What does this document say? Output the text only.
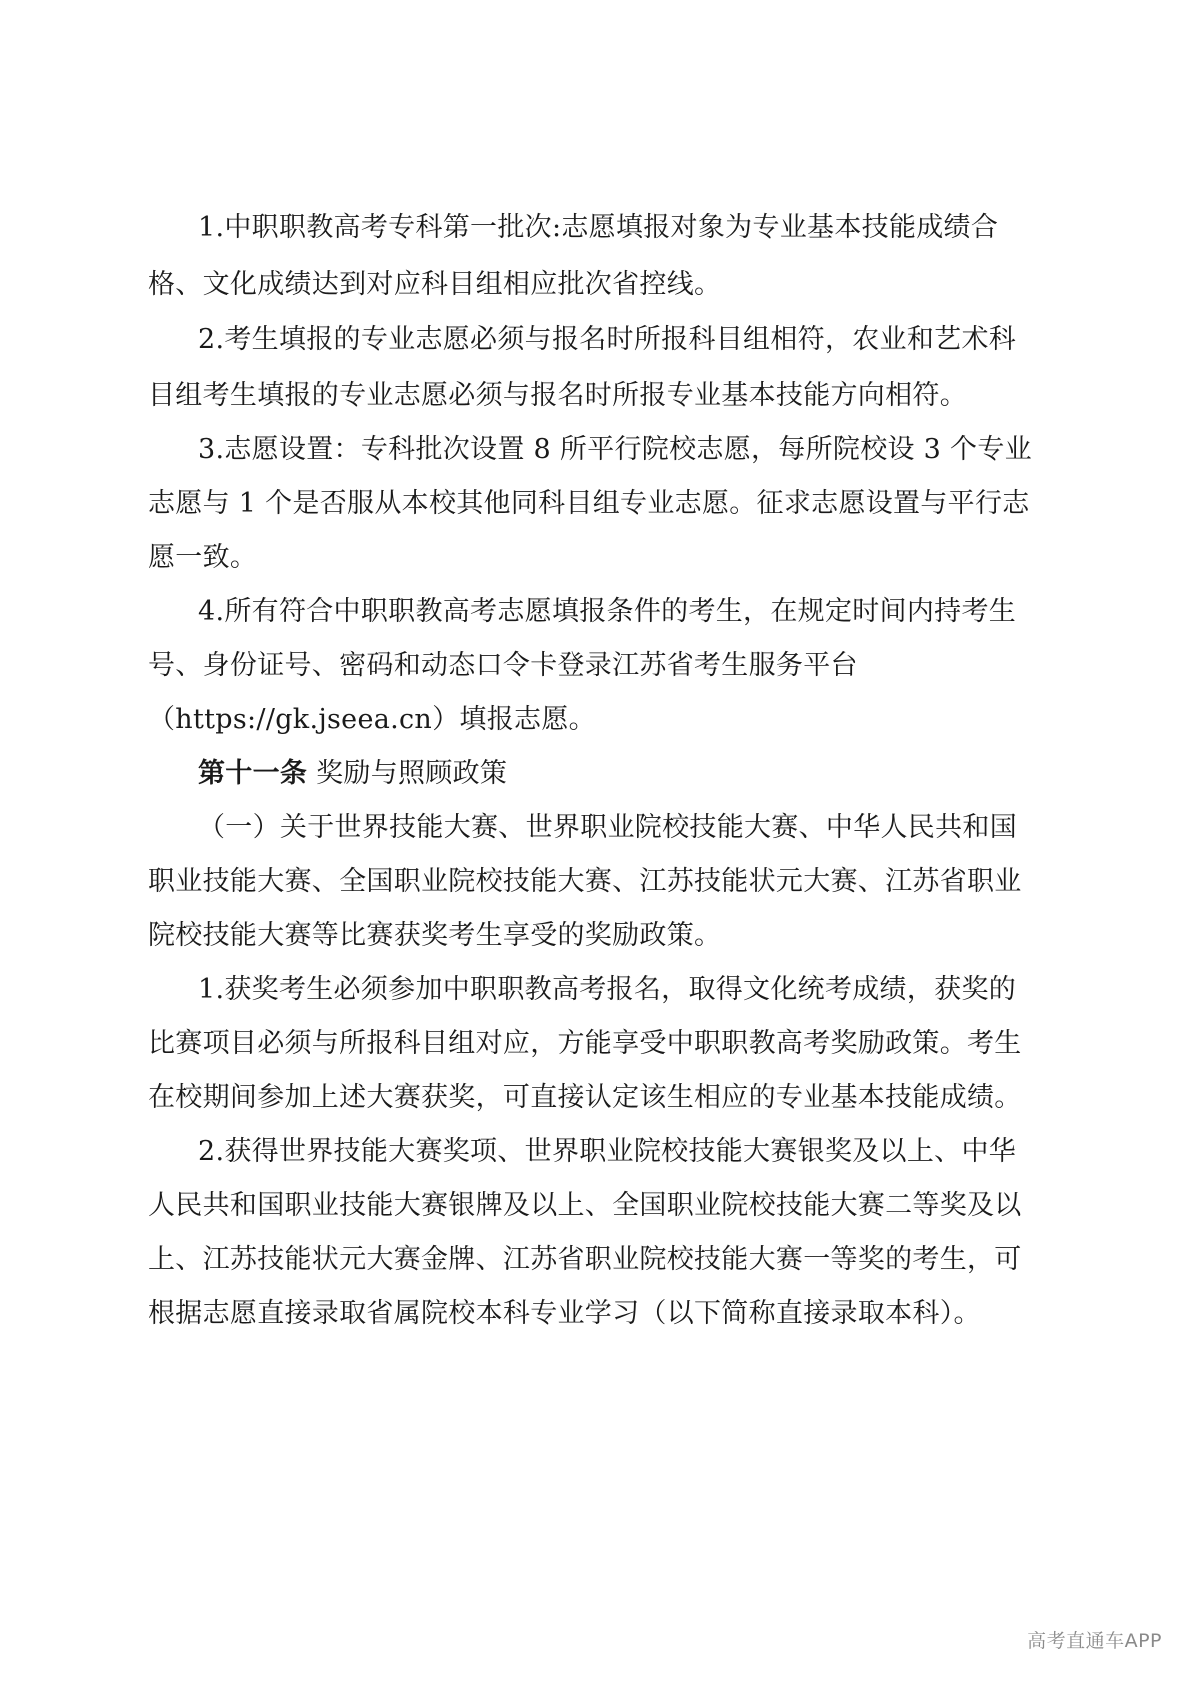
1.中职职教高考专科第一批次:志愿填报对象为专业基本技能成绩合
格、文化成绩达到对应科目组相应批次省控线。
2.考生填报的专业志愿必须与报名时所报科目组相符，农业和艺术科
目组考生填报的专业志愿必须与报名时所报专业基本技能方向相符。
3.志愿设置：专科批次设置 8 所平行院校志愿，每所院校设 3 个专业
志愿与 1 个是否服从本校其他同科目组专业志愿。征求志愿设置与平行志
愿一致。
4.所有符合中职职教高考志愿填报条件的考生，在规定时间内持考生
号、身份证号、密码和动态口令卡登录江苏省考生服务平台
（https://gk.jseea.cn）填报志愿。
第十一条 奖励与照顾政策
（一）关于世界技能大赛、世界职业院校技能大赛、中华人民共和国
职业技能大赛、全国职业院校技能大赛、江苏技能状元大赛、江苏省职业
院校技能大赛等比赛获奖考生享受的奖励政策。
1.获奖考生必须参加中职职教高考报名，取得文化统考成绩，获奖的
比赛项目必须与所报科目组对应，方能享受中职职教高考奖励政策。考生
在校期间参加上述大赛获奖，可直接认定该生相应的专业基本技能成绩。
2.获得世界技能大赛奖项、世界职业院校技能大赛银奖及以上、中华
人民共和国职业技能大赛银牌及以上、全国职业院校技能大赛二等奖及以
上、江苏技能状元大赛金牌、江苏省职业院校技能大赛一等奖的考生，可
根据志愿直接录取省属院校本科专业学习（以下简称直接录取本科）。
高考直通车APP
